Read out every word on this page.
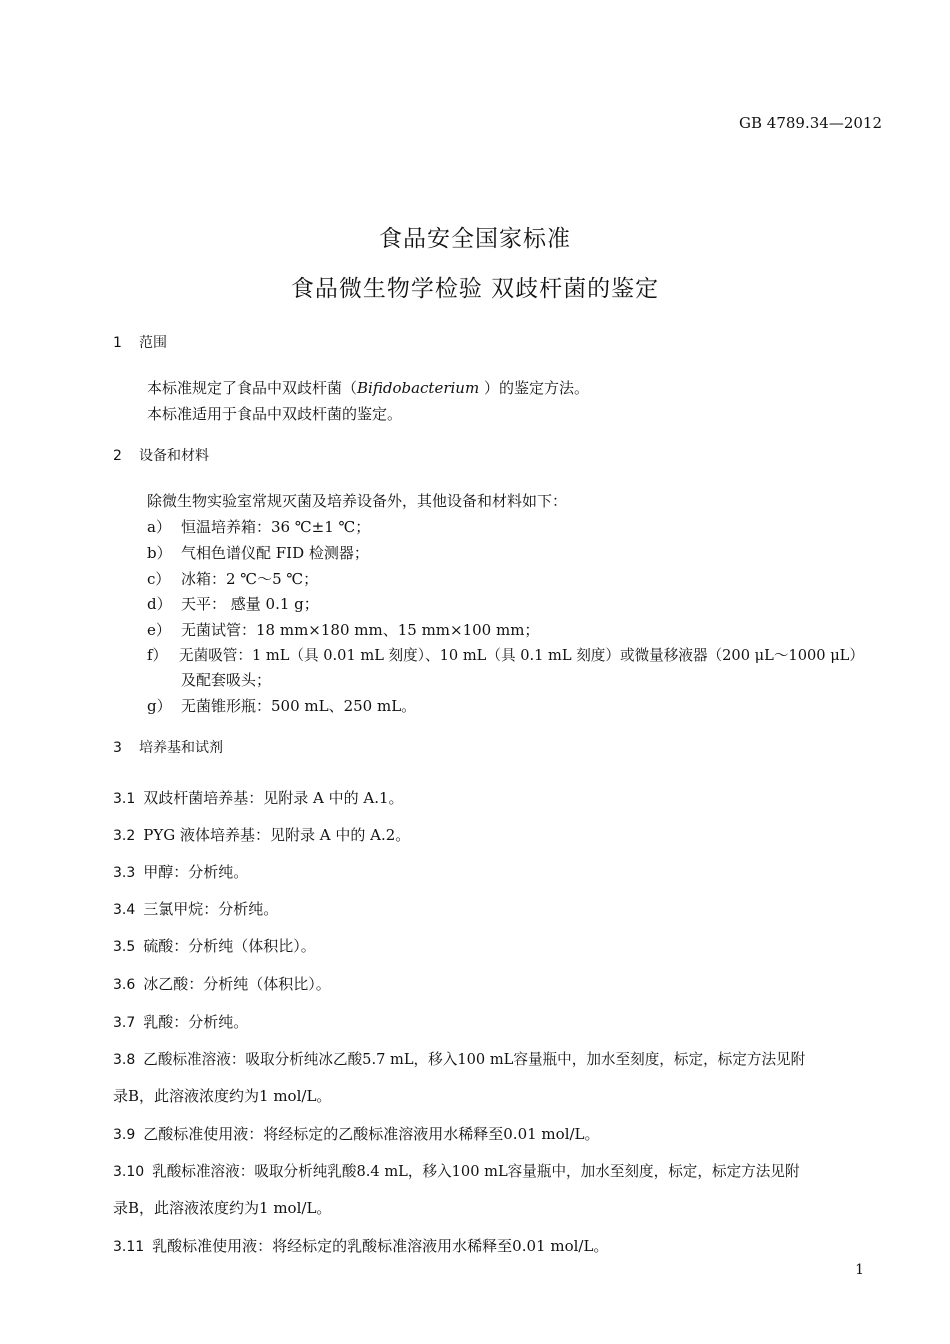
GB 4789.34—2012
食品安全国家标准
食品微生物学检验 双歧杆菌的鉴定
1 范围
本标准规定了食品中双歧杆菌（Bifidobacterium ）的鉴定方法。
本标准适用于食品中双歧杆菌的鉴定。
2 设备和材料
除微生物实验室常规灭菌及培养设备外，其他设备和材料如下：
a） 恒温培养箱：36 ℃±1 ℃；
b） 气相色谱仪配 FID 检测器；
c） 冰箱：2 ℃～5 ℃；
d） 天平： 感量 0.1 g；
e） 无菌试管：18 mm×180 mm、15 mm×100 mm；
f） 无菌吸管：1 mL（具 0.01 mL 刻度）、10 mL（具 0.1 mL 刻度）或微量移液器（200 μL～1000 μL）
及配套吸头；
g） 无菌锥形瓶：500 mL、250 mL。
3 培养基和试剂
3.1 双歧杆菌培养基：见附录 A 中的 A.1。
3.2 PYG 液体培养基：见附录 A 中的 A.2。
3.3 甲醇：分析纯。
3.4 三氯甲烷：分析纯。
3.5 硫酸：分析纯（体积比）。
3.6 冰乙酸：分析纯（体积比）。
3.7 乳酸：分析纯。
3.8 乙酸标准溶液：吸取分析纯冰乙酸5.7 mL，移入100 mL容量瓶中，加水至刻度，标定，标定方法见附
录B，此溶液浓度约为1 mol/L。
3.9 乙酸标准使用液：将经标定的乙酸标准溶液用水稀释至0.01 mol/L。
3.10 乳酸标准溶液：吸取分析纯乳酸8.4 mL，移入100 mL容量瓶中，加水至刻度，标定，标定方法见附
录B，此溶液浓度约为1 mol/L。
3.11 乳酸标准使用液：将经标定的乳酸标准溶液用水稀释至0.01 mol/L。
1
